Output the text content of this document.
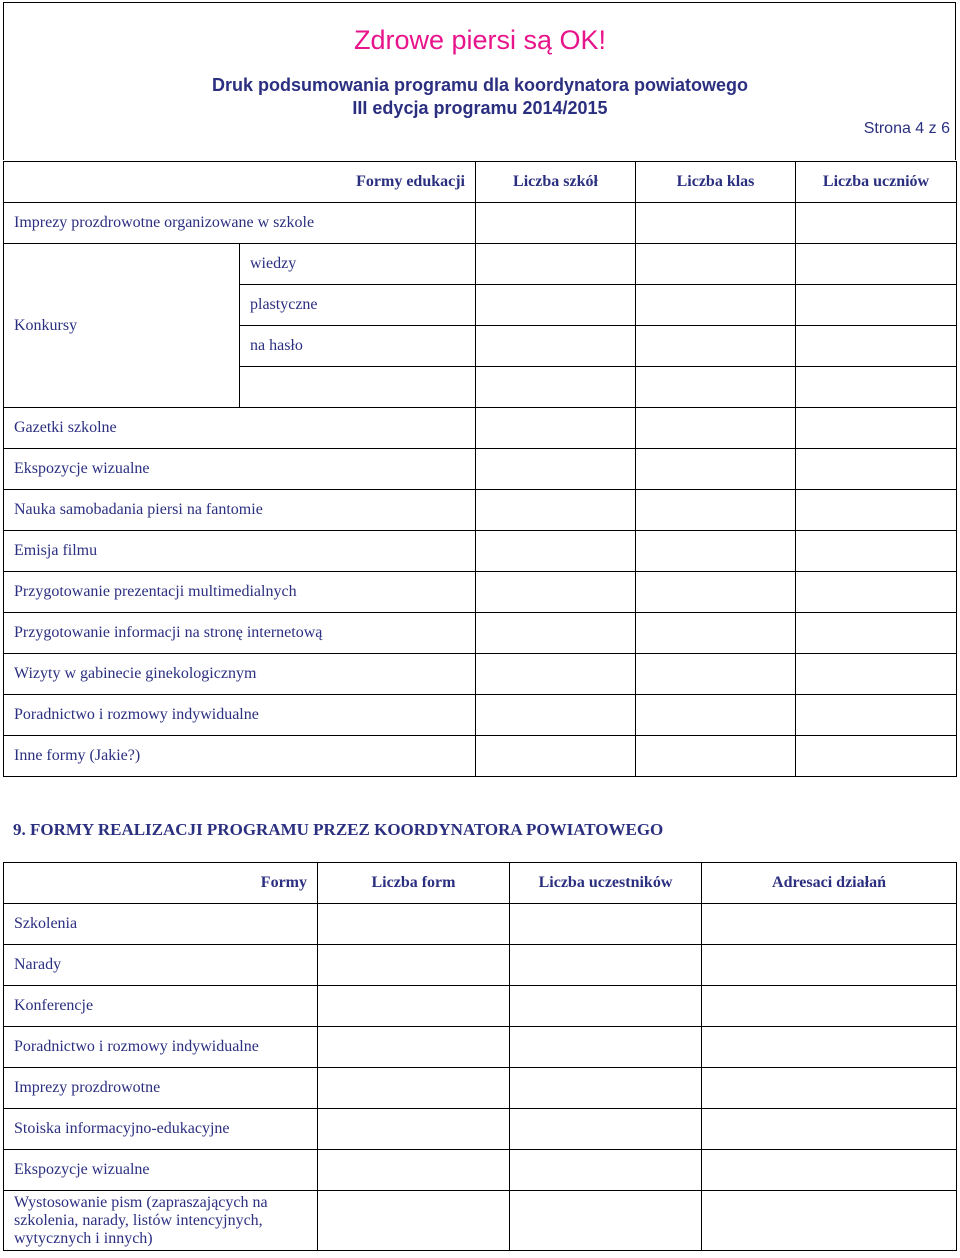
Zdrowe piersi są OK!

Druk podsumowania programu dla koordynatora powiatowego

III edycja programu 2014/2015

Strona 4 z 6
Formy edukacji		Liczba szkół	Liczba klas	Liczba uczniów
Imprezy prozdrowotne organizowane w szkole				
Konkursy	wiedzy			
	plastyczne			
	na hasło			

Gazetki szkolne				
Ekspozycje wizualne				
Nauka samobadania piersi na fantomie				
Emisja filmu				
Przygotowanie prezentacji multimedialnych				
Przygotowanie informacji na stronę internetową				
Wizyty w gabinecie ginekologicznym				
Poradnictwo i rozmowy indywidualne				
Inne formy (Jakie?)				
9. FORMY REALIZACJI PROGRAMU PRZEZ KOORDYNATORA POWIATOWEGO
Formy	Liczba form	Liczba uczestników	Adresaci działań
Szkolenia			
Narady			
Konferencje			
Poradnictwo i rozmowy indywidualne			
Imprezy prozdrowotne			
Stoiska informacyjno-edukacyjne			
Ekspozycje wizualne			
Wystosowanie pism (zapraszających na szkolenia, narady, listów intencyjnych, wytycznych i innych)			
